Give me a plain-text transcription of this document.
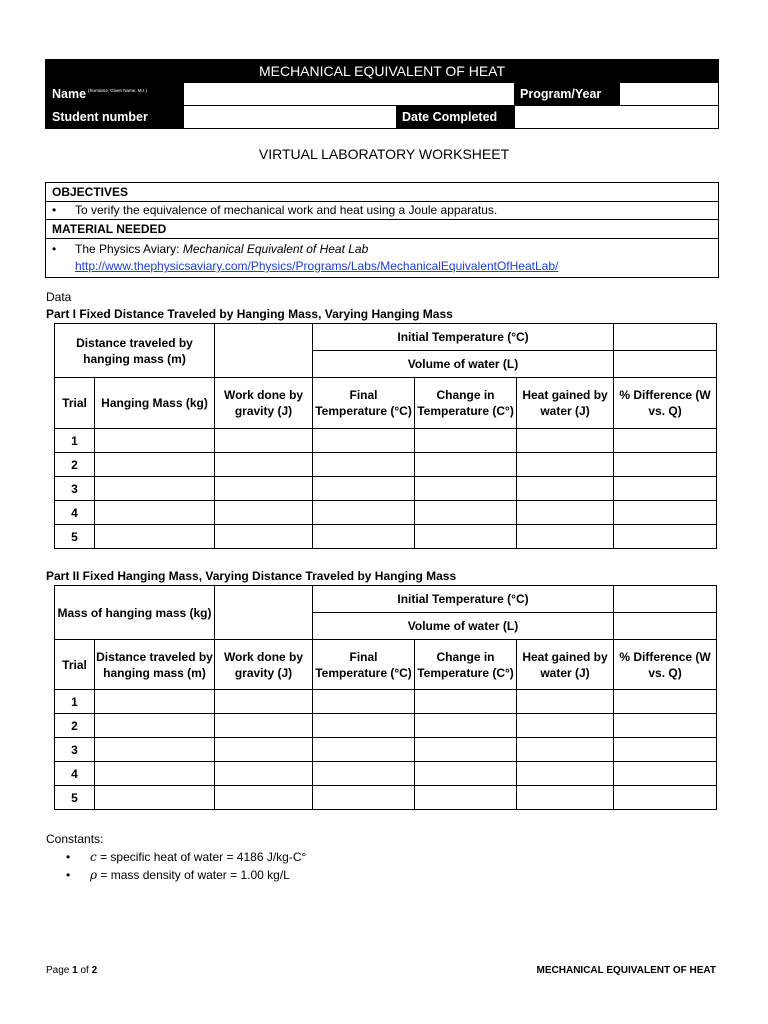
MECHANICAL EQUIVALENT OF HEAT
Name $^{(Surname, Given Name, M.I.)}$	Program/Year
Student number	Date Completed
VIRTUAL LABORATORY WORKSHEET
OBJECTIVES
• To verify the equivalence of mechanical work and heat using a Joule apparatus.
MATERIAL NEEDED
• The Physics Aviary: Mechanical Equivalent of Heat Lab
http://www.thephysicsaviary.com/Physics/Programs/Labs/MechanicalEquivalentOfHeatLab/
Data
Part I Fixed Distance Traveled by Hanging Mass, Varying Hanging Mass
Distance traveled by hanging mass (m)			Initial Temperature (°C)			
			Volume of water (L)			
Trial	Hanging Mass (kg)	Work done by gravity (J)	Final Temperature (°C)	Change in Temperature (C°)	Heat gained by water (J)	% Difference (W vs. Q)
1						
2						
3						
4						
5						
Part II Fixed Hanging Mass, Varying Distance Traveled by Hanging Mass
Mass of hanging mass (kg)			Initial Temperature (°C)			
			Volume of water (L)			
Trial	Distance traveled by hanging mass (m)	Work done by gravity (J)	Final Temperature (°C)	Change in Temperature (C°)	Heat gained by water (J)	% Difference (W vs. Q)
1						
2						
3						
4						
5						
Constants:
• c = specific heat of water = 4186 J/kg-C°
• ρ = mass density of water = 1.00 kg/L
Page 1 of 2	MECHANICAL EQUIVALENT OF HEAT
